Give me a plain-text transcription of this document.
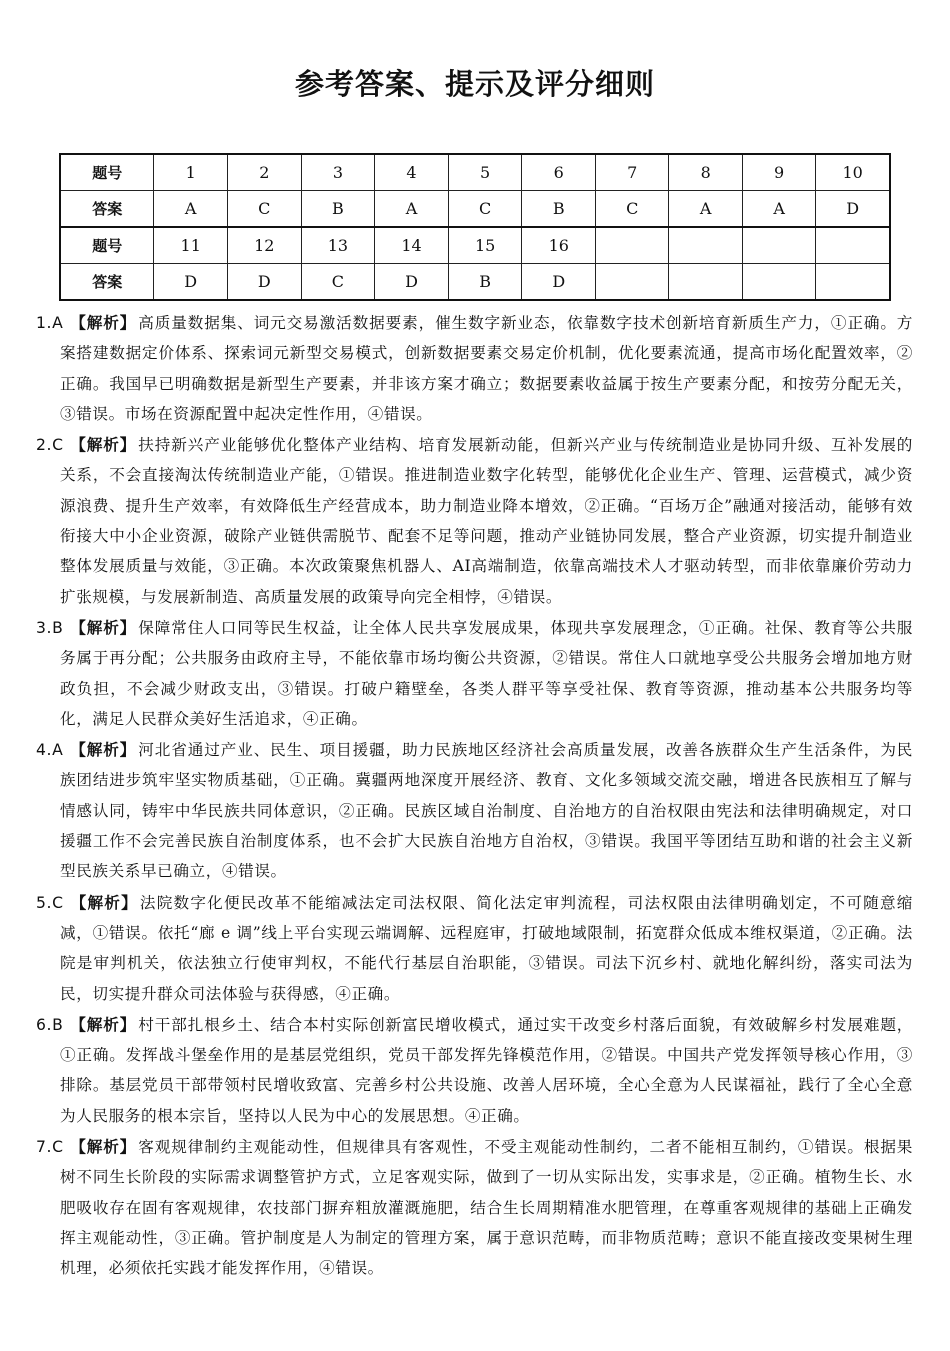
参考答案、提示及评分细则
题号	1	2	3	4	5	6	7	8	9	10
答案	A	C	B	A	C	B	C	A	A	D
题号	11	12	13	14	15	16				
答案	D	D	C	D	B	D				

1.A 【解析】 高质量数据集、词元交易激活数据要素，催生数字新业态，依靠数字技术创新培育新质生产力，①正确。方案搭建数据定价体系、探索词元新型交易模式，创新数据要素交易定价机制，优化要素流通，提高市场化配置效率，②正确。我国早已明确数据是新型生产要素，并非该方案才确立；数据要素收益属于按生产要素分配，和按劳分配无关，③错误。市场在资源配置中起决定性作用，④错误。

2.C 【解析】 扶持新兴产业能够优化整体产业结构、培育发展新动能，但新兴产业与传统制造业是协同升级、互补发展的关系，不会直接淘汰传统制造业产能，①错误。推进制造业数字化转型，能够优化企业生产、管理、运营模式，减少资源浪费、提升生产效率，有效降低生产经营成本，助力制造业降本增效，②正确。“百场万企”融通对接活动，能够有效衔接大中小企业资源，破除产业链供需脱节、配套不足等问题，推动产业链协同发展，整合产业资源，切实提升制造业整体发展质量与效能，③正确。本次政策聚焦机器人、AI高端制造，依靠高端技术人才驱动转型，而非依靠廉价劳动力扩张规模，与发展新制造、高质量发展的政策导向完全相悖，④错误。

3.B 【解析】 保障常住人口同等民生权益，让全体人民共享发展成果，体现共享发展理念，①正确。社保、教育等公共服务属于再分配；公共服务由政府主导，不能依靠市场均衡公共资源，②错误。常住人口就地享受公共服务会增加地方财政负担，不会减少财政支出，③错误。打破户籍壁垒，各类人群平等享受社保、教育等资源，推动基本公共服务均等化，满足人民群众美好生活追求，④正确。

4.A 【解析】 河北省通过产业、民生、项目援疆，助力民族地区经济社会高质量发展，改善各族群众生产生活条件，为民族团结进步筑牢坚实物质基础，①正确。冀疆两地深度开展经济、教育、文化多领域交流交融，增进各民族相互了解与情感认同，铸牢中华民族共同体意识，②正确。民族区域自治制度、自治地方的自治权限由宪法和法律明确规定，对口援疆工作不会完善民族自治制度体系，也不会扩大民族自治地方自治权，③错误。我国平等团结互助和谐的社会主义新型民族关系早已确立，④错误。

5.C 【解析】 法院数字化便民改革不能缩减法定司法权限、简化法定审判流程，司法权限由法律明确划定，不可随意缩减，①错误。依托“廊 e 调”线上平台实现云端调解、远程庭审，打破地域限制，拓宽群众低成本维权渠道，②正确。法院是审判机关，依法独立行使审判权，不能代行基层自治职能，③错误。司法下沉乡村、就地化解纠纷，落实司法为民，切实提升群众司法体验与获得感，④正确。

6.B 【解析】 村干部扎根乡土、结合本村实际创新富民增收模式，通过实干改变乡村落后面貌，有效破解乡村发展难题，①正确。发挥战斗堡垒作用的是基层党组织，党员干部发挥先锋模范作用，②错误。中国共产党发挥领导核心作用，③排除。基层党员干部带领村民增收致富、完善乡村公共设施、改善人居环境，全心全意为人民谋福祉，践行了全心全意为人民服务的根本宗旨，坚持以人民为中心的发展思想。④正确。

7.C 【解析】 客观规律制约主观能动性，但规律具有客观性，不受主观能动性制约，二者不能相互制约，①错误。根据果树不同生长阶段的实际需求调整管护方式，立足客观实际，做到了一切从实际出发，实事求是，②正确。植物生长、水肥吸收存在固有客观规律，农技部门摒弃粗放灌溉施肥，结合生长周期精准水肥管理，在尊重客观规律的基础上正确发挥主观能动性，③正确。管护制度是人为制定的管理方案，属于意识范畴，而非物质范畴；意识不能直接改变果树生理机理，必须依托实践才能发挥作用，④错误。
